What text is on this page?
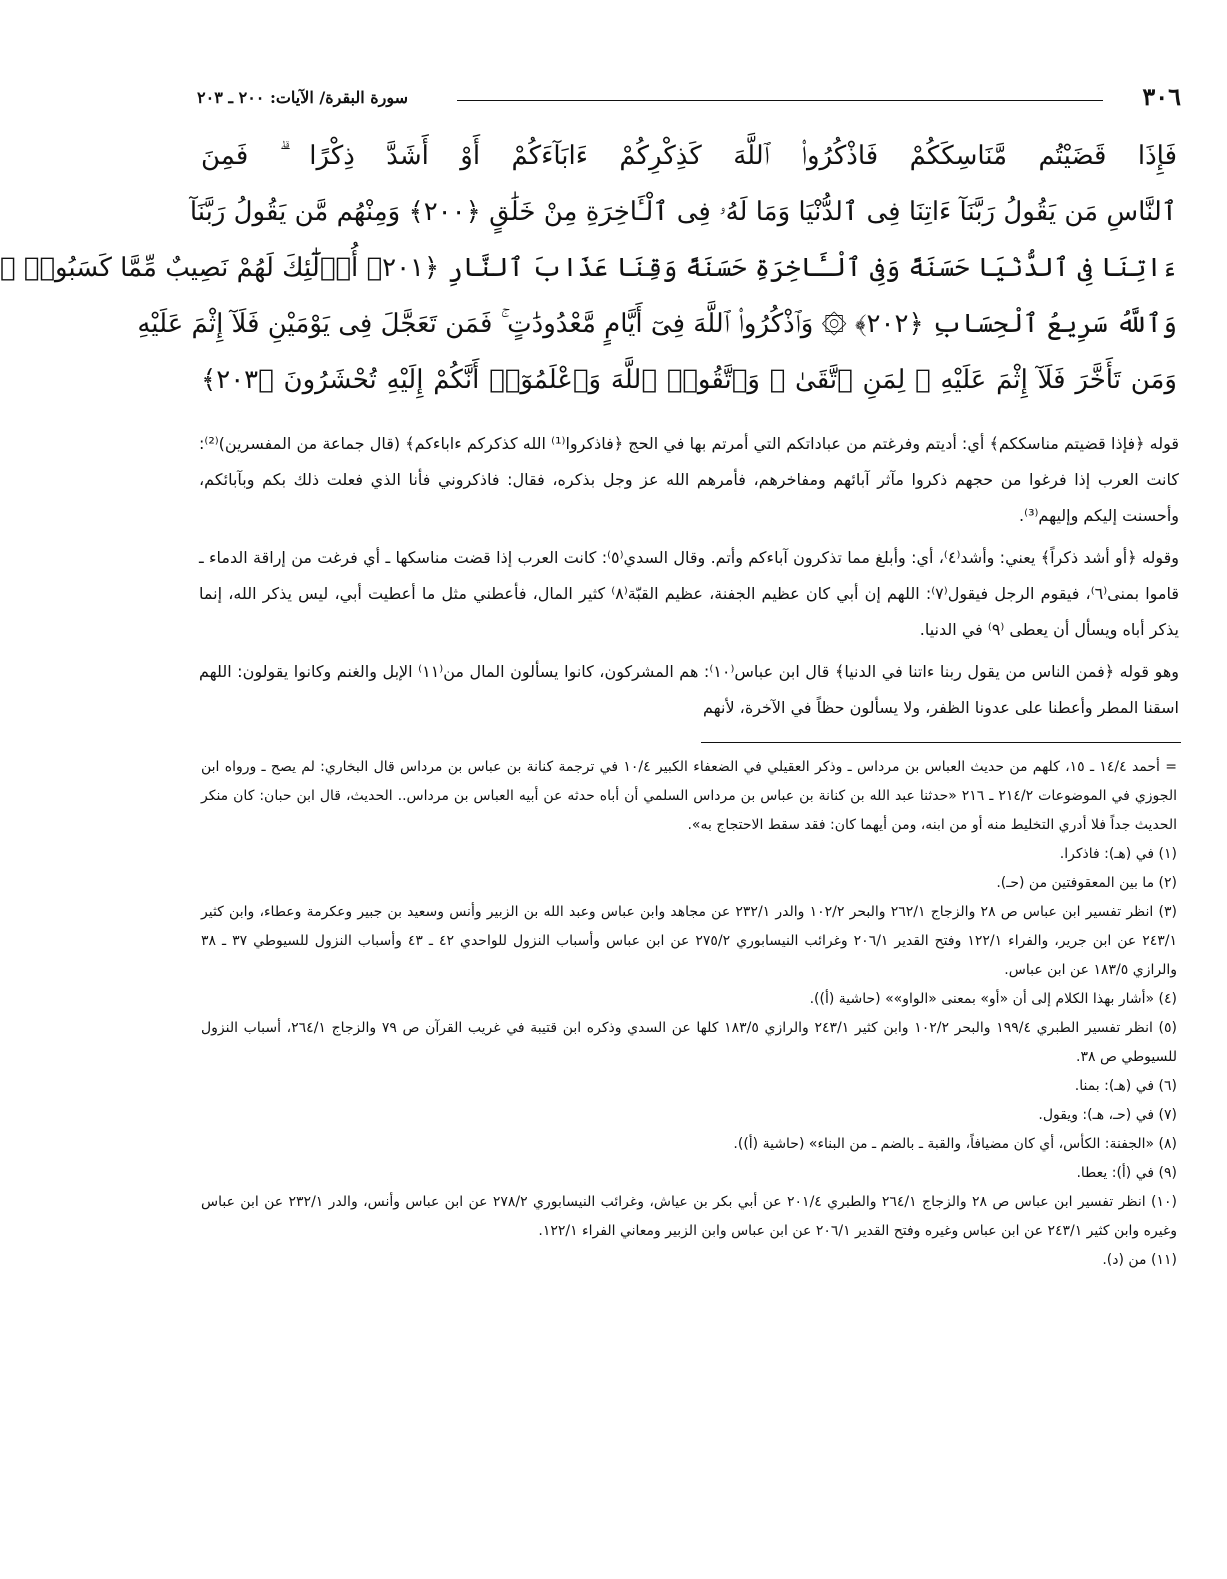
٣٠٦
سورة البقرة/ الآيات: ٢٠٠ ـ ٢٠٣
فَإِذَا قَضَيْتُم مَّنَاسِكَكُمْ فَاذْكُرُوا۟ ٱللَّهَ كَذِكْرِكُمْ ءَابَآءَكُمْ أَوْ أَشَدَّ ذِكْرًا ۗ فَمِنَ
ٱلنَّاسِ مَن يَقُولُ رَبَّنَآ ءَاتِنَا فِى ٱلدُّنْيَا وَمَا لَهُۥ فِى ٱلْـَٔاخِرَةِ مِنْ خَلَٰقٍ ﴿٢٠٠﴾ وَمِنْهُم مَّن يَقُولُ رَبَّنَآ
ءَاتِنَا فِى ٱلدُّنْيَا حَسَنَةً وَفِى ٱلْـَٔاخِرَةِ حَسَنَةً وَقِنَا عَذَابَ ٱلنَّارِ ﴿٢٠١﴾ أُو۟لَٰٓئِكَ لَهُمْ نَصِيبٌ مِّمَّا كَسَبُوا۟ ۚ
وَٱللَّهُ سَرِيعُ ٱلْحِسَابِ ﴿٢٠٢﴾ ۞ وَٱذْكُرُوا۟ ٱللَّهَ فِىٓ أَيَّامٍ مَّعْدُودَٰتٍ ۚ فَمَن تَعَجَّلَ فِى يَوْمَيْنِ فَلَآ إِثْمَ عَلَيْهِ
وَمَن تَأَخَّرَ فَلَآ إِثْمَ عَلَيْهِ ۚ لِمَنِ ٱتَّقَىٰ ۗ وَٱتَّقُوا۟ ٱللَّهَ وَٱعْلَمُوٓا۟ أَنَّكُمْ إِلَيْهِ تُحْشَرُونَ ﴿٢٠٣﴾

قوله ﴿فإذا قضيتم مناسككم﴾ أي: أديتم وفرغتم من عباداتكم التي أمرتم بها في الحج ﴿فاذكروا⁽¹⁾ الله كذكركم ءاباءكم﴾ (قال جماعة من المفسرين)⁽²⁾: كانت العرب إذا فرغوا من حجهم ذكروا مآثر آبائهم ومفاخرهم، فأمرهم الله عز وجل بذكره، فقال: فاذكروني فأنا الذي فعلت ذلك بكم وبآبائكم، وأحسنت إليكم وإليهم⁽³⁾.

وقوله ﴿أو أشد ذكراً﴾ يعني: وأشد⁽٤⁾، أي: وأبلغ مما تذكرون آباءكم وأتم. وقال السدي⁽٥⁾: كانت العرب إذا قضت مناسكها ـ أي فرغت من إراقة الدماء ـ قاموا بمنى⁽٦⁾، فيقوم الرجل فيقول⁽٧⁾: اللهم إن أبي كان عظيم الجفنة، عظيم القبّة⁽٨⁾ كثير المال، فأعطني مثل ما أعطيت أبي، ليس يذكر الله، إنما يذكر أباه ويسأل أن يعطى ⁽٩⁾ في الدنيا.

وهو قوله ﴿فمن الناس من يقول ربنا ءاتنا في الدنيا﴾ قال ابن عباس⁽١٠⁾: هم المشركون، كانوا يسألون المال من⁽١١⁾ الإبل والغنم وكانوا يقولون: اللهم اسقنا المطر وأعطنا على عدونا الظفر، ولا يسألون حظاً في الآخرة، لأنهم

= أحمد ١٤/٤ ـ ١٥، كلهم من حديث العباس بن مرداس ـ وذكر العقيلي في الضعفاء الكبير ١٠/٤ في ترجمة كنانة بن عباس بن مرداس قال البخاري: لم يصح ـ ورواه ابن الجوزي في الموضوعات ٢١٤/٢ ـ ٢١٦ «حدثنا عبد الله بن كنانة بن عباس بن مرداس السلمي أن أباه حدثه عن أبيه العباس بن مرداس.. الحديث، قال ابن حبان: كان منكر الحديث جداً فلا أدري التخليط منه أو من ابنه، ومن أيهما كان: فقد سقط الاحتجاج به».

(١) في (هـ): فاذكرا.

(٢) ما بين المعقوفتين من (حـ).

(٣) انظر تفسير ابن عباس ص ٢٨ والزجاج ٢٦٢/١ والبحر ١٠٢/٢ والدر ٢٣٢/١ عن مجاهد وابن عباس وعبد الله بن الزبير وأنس وسعيد بن جبير وعكرمة وعطاء، وابن كثير ٢٤٣/١ عن ابن جرير، والفراء ١٢٢/١ وفتح القدير ٢٠٦/١ وغرائب النيسابوري ٢٧٥/٢ عن ابن عباس وأسباب النزول للواحدي ٤٢ ـ ٤٣ وأسباب النزول للسيوطي ٣٧ ـ ٣٨ والرازي ١٨٣/٥ عن ابن عباس.

(٤) «أشار بهذا الكلام إلى أن «أو» بمعنى «الواو»» (حاشية (أ)).

(٥) انظر تفسير الطبري ١٩٩/٤ والبحر ١٠٢/٢ وابن كثير ٢٤٣/١ والرازي ١٨٣/٥ كلها عن السدي وذكره ابن قتيبة في غريب القرآن ص ٧٩ والزجاج ٢٦٤/١، أسباب النزول للسيوطي ص ٣٨.

(٦) في (هـ): بمنا.

(٧) في (حـ، هـ): ويقول.

(٨) «الجفنة: الكأس، أي كان مضيافاً، والقبة ـ بالضم ـ من البناء» (حاشية (أ)).

(٩) في (أ): يعطا.

(١٠) انظر تفسير ابن عباس ص ٢٨ والزجاج ٢٦٤/١ والطبري ٢٠١/٤ عن أبي بكر بن عياش، وغرائب النيسابوري ٢٧٨/٢ عن ابن عباس وأنس، والدر ٢٣٢/١ عن ابن عباس وغيره وابن كثير ٢٤٣/١ عن ابن عباس وغيره وفتح القدير ٢٠٦/١ عن ابن عباس وابن الزبير ومعاني الفراء ١٢٢/١.

(١١) من (د).
